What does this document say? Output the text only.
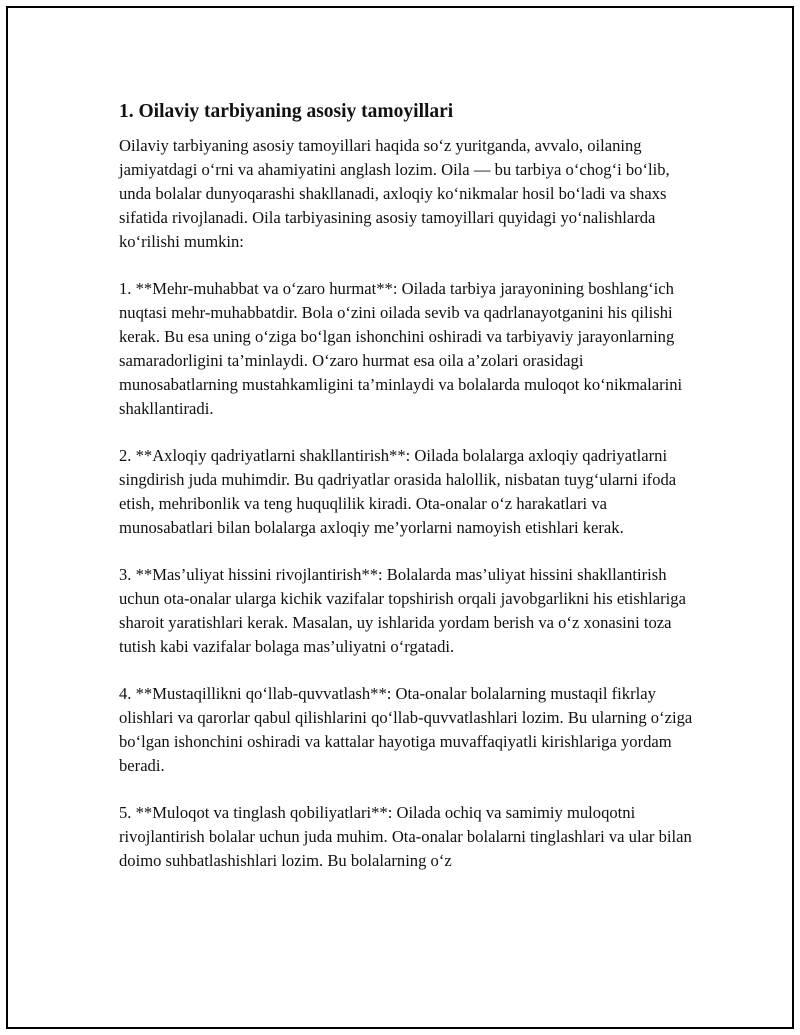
1. Oilaviy tarbiyaning asosiy tamoyillari

Oilaviy tarbiyaning asosiy tamoyillari haqida so‘z yuritganda, avvalo, oilaning jamiyatdagi o‘rni va ahamiyatini anglash lozim. Oila — bu tarbiya o‘chog‘i bo‘lib, unda bolalar dunyoqarashi shakllanadi, axloqiy ko‘nikmalar hosil bo‘ladi va shaxs sifatida rivojlanadi. Oila tarbiyasining asosiy tamoyillari quyidagi yo‘nalishlarda ko‘rilishi mumkin:

1. **Mehr-muhabbat va o‘zaro hurmat**: Oilada tarbiya jarayonining boshlang‘ich nuqtasi mehr-muhabbatdir. Bola o‘zini oilada sevib va qadrlanayotganini his qilishi kerak. Bu esa uning o‘ziga bo‘lgan ishonchini oshiradi va tarbiyaviy jarayonlarning samaradorligini ta’minlaydi. O‘zaro hurmat esa oila a’zolari orasidagi munosabatlarning mustahkamligini ta’minlaydi va bolalarda muloqot ko‘nikmalarini shakllantiradi.

2. **Axloqiy qadriyatlarni shakllantirish**: Oilada bolalarga axloqiy qadriyatlarni singdirish juda muhimdir. Bu qadriyatlar orasida halollik, nisbatan tuyg‘ularni ifoda etish, mehribonlik va teng huquqlilik kiradi. Ota-onalar o‘z harakatlari va munosabatlari bilan bolalarga axloqiy me’yorlarni namoyish etishlari kerak.

3. **Mas’uliyat hissini rivojlantirish**: Bolalarda mas’uliyat hissini shakllantirish uchun ota-onalar ularga kichik vazifalar topshirish orqali javobgarlikni his etishlariga sharoit yaratishlari kerak. Masalan, uy ishlarida yordam berish va o‘z xonasini toza tutish kabi vazifalar bolaga mas’uliyatni o‘rgatadi.

4. **Mustaqillikni qo‘llab-quvvatlash**: Ota-onalar bolalarning mustaqil fikrlay olishlari va qarorlar qabul qilishlarini qo‘llab-quvvatlashlari lozim. Bu ularning o‘ziga bo‘lgan ishonchini oshiradi va kattalar hayotiga muvaffaqiyatli kirishlariga yordam beradi.

5. **Muloqot va tinglash qobiliyatlari**: Oilada ochiq va samimiy muloqotni rivojlantirish bolalar uchun juda muhim. Ota-onalar bolalarni tinglashlari va ular bilan doimo suhbatlashishlari lozim. Bu bolalarning o‘z
